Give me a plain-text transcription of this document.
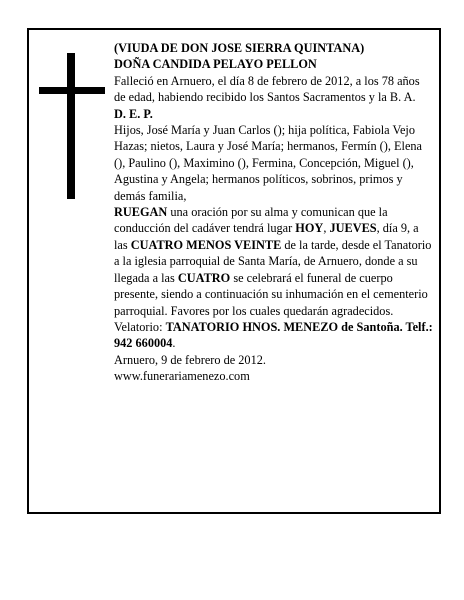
(VIUDA DE DON JOSE SIERRA QUINTANA)

DOÑA CANDIDA PELAYO PELLON

Falleció en Arnuero, el día 8 de febrero de 2012, a los 78 años

de edad, habiendo recibido los Santos Sacramentos y la B. A.

D. E. P.

Hijos, José María y Juan Carlos (); hija política, Fabiola Vejo Hazas; nietos, Laura y José María; hermanos, Fermín (), Elena (), Paulino (), Maximino (), Fermina, Concepción, Miguel (), Agustina y Angela; hermanos políticos, sobrinos, primos y demás familia,

RUEGAN una oración por su alma y comunican que la conducción del cadáver tendrá lugar HOY, JUEVES, día 9, a las CUATRO MENOS VEINTE de la tarde, desde el Tanatorio a la iglesia parroquial de Santa María, de Arnuero, donde a su llegada a las CUATRO se celebrará el funeral de cuerpo presente, siendo a continuación su inhumación en el cementerio parroquial. Favores por los cuales quedarán agradecidos.

Velatorio: TANATORIO HNOS. MENEZO de Santoña. Telf.: 942 660004.

Arnuero, 9 de febrero de 2012.

www.funerariamenezo.com
